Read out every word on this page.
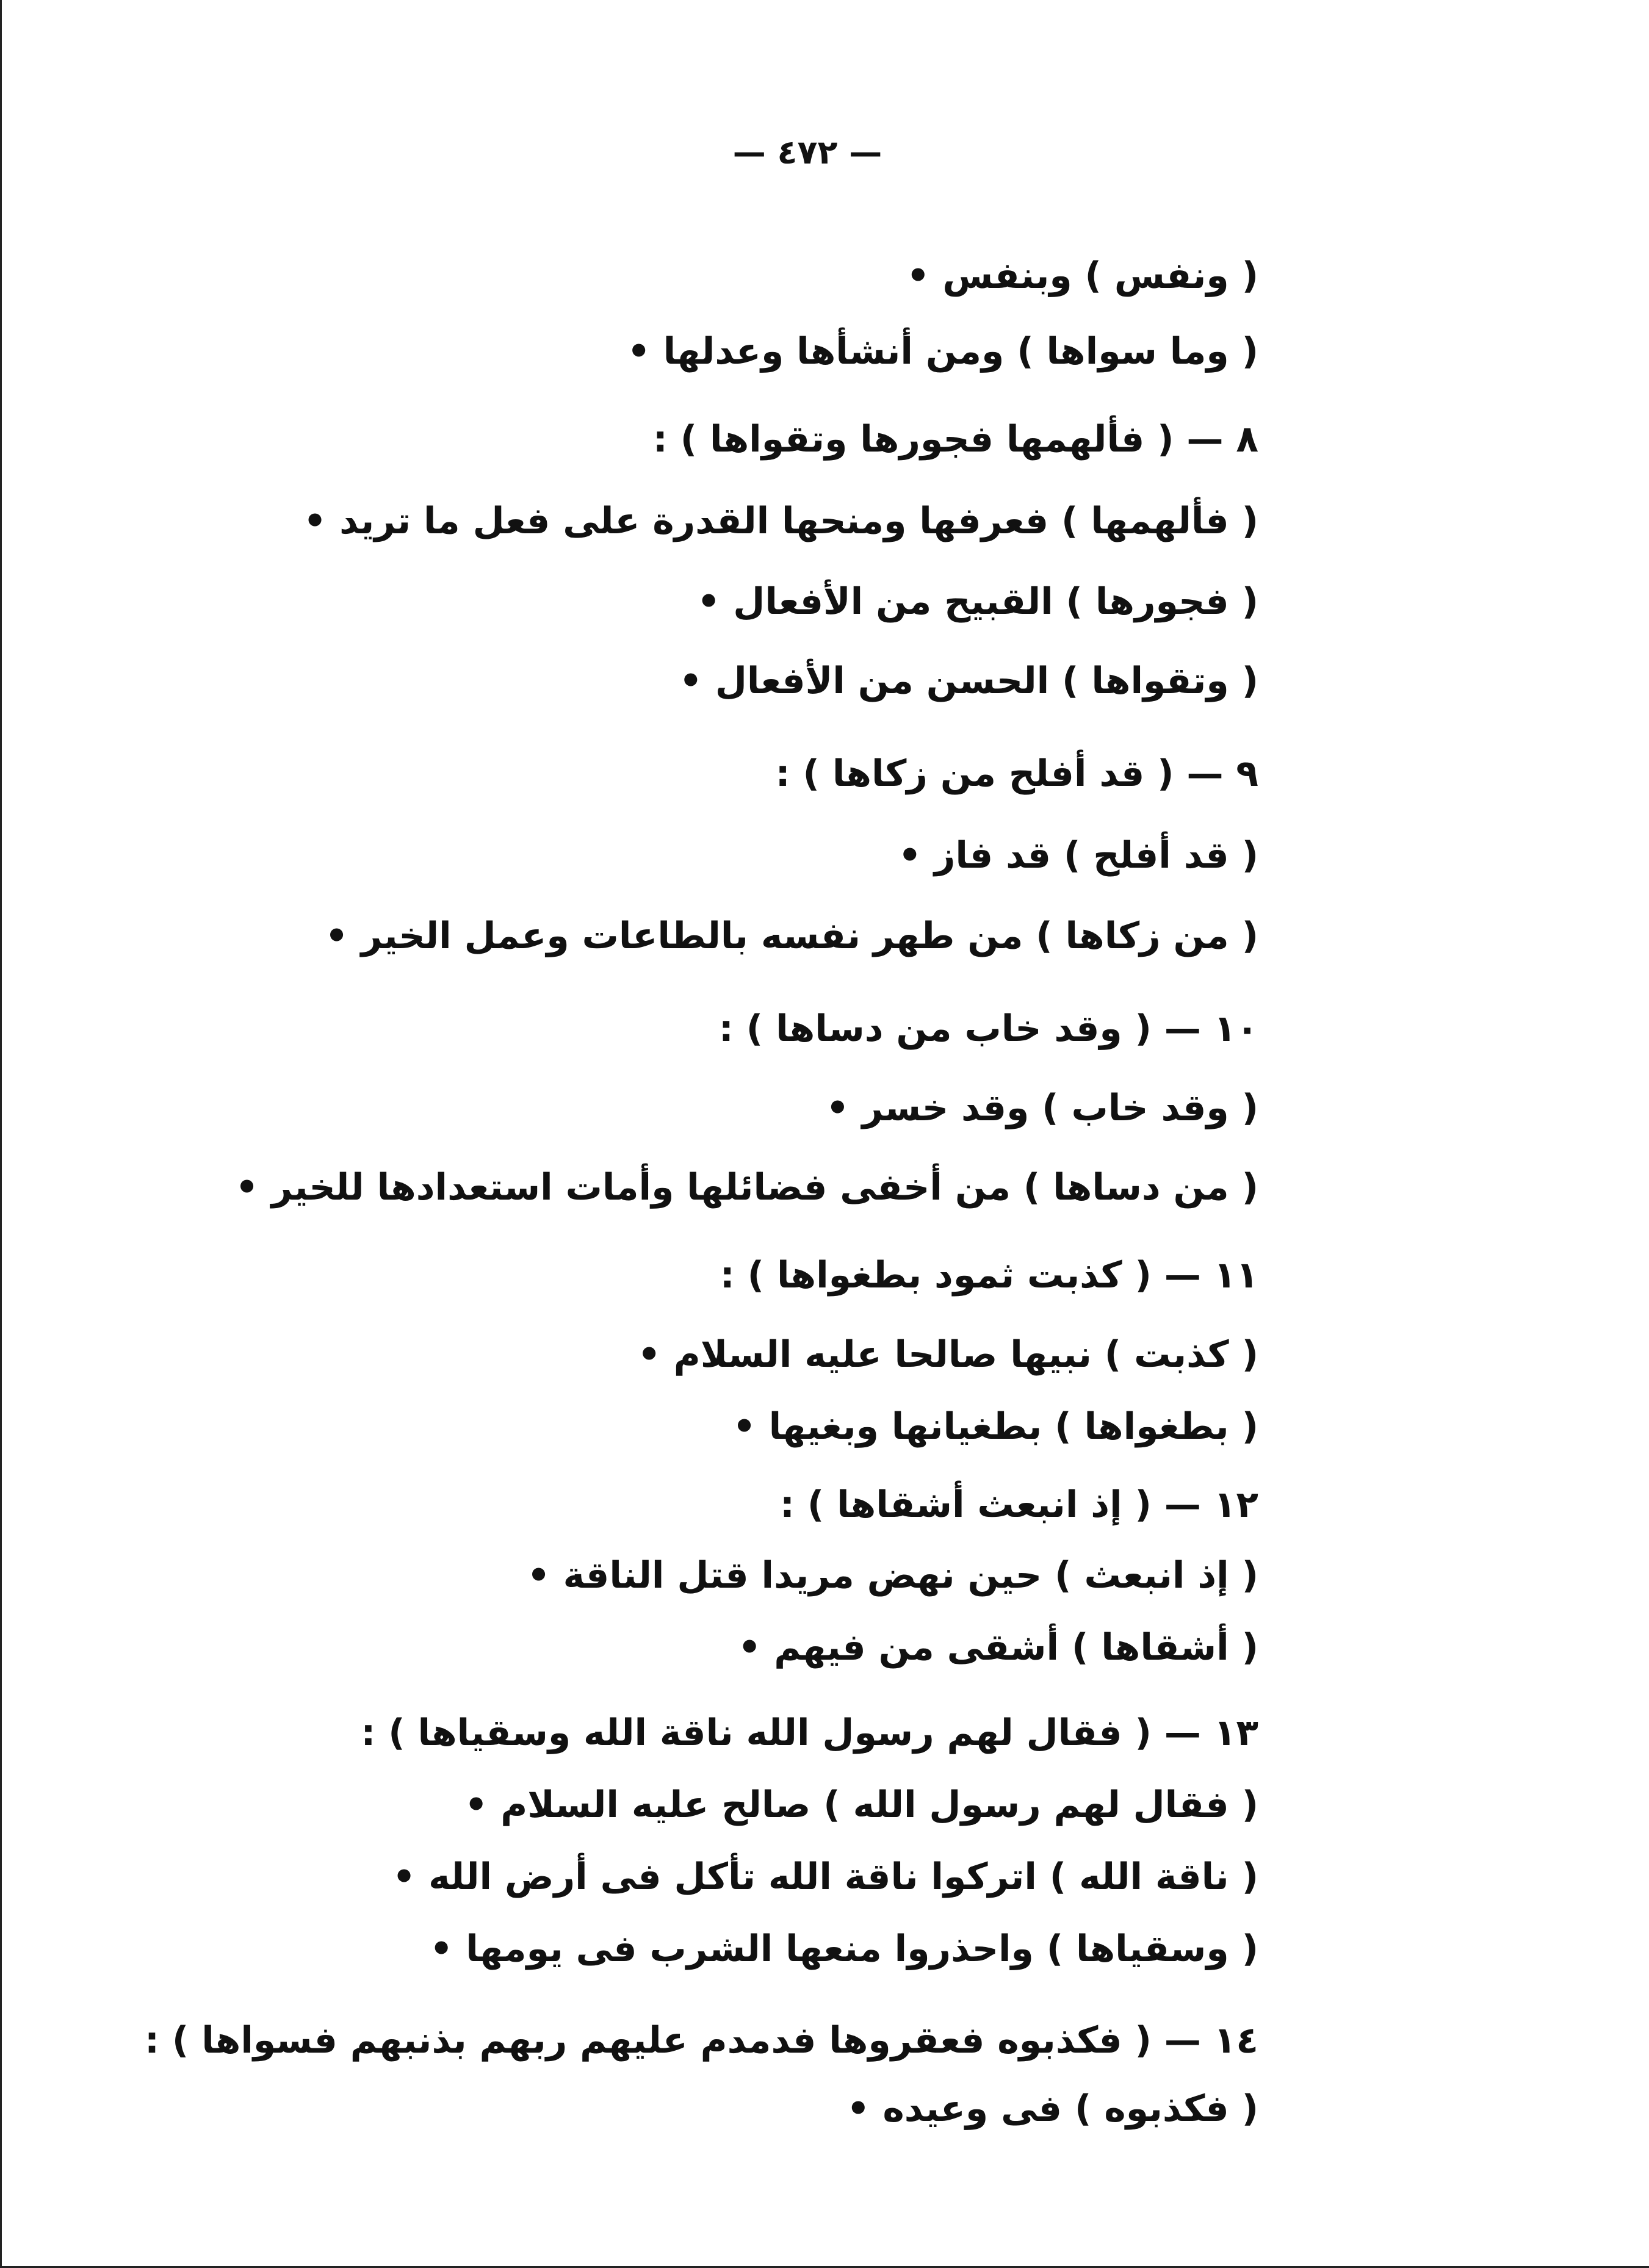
— ٤٧٢ —
( ونفس ) وبنفس •
( وما سواها ) ومن أنشأها وعدلها •
٨ — ( فألهمها فجورها وتقواها ) :
( فألهمها ) فعرفها ومنحها القدرة على فعل ما تريد •
( فجورها ) القبيح من الأفعال •
( وتقواها ) الحسن من الأفعال •
٩ — ( قد أفلح من زكاها ) :
( قد أفلح ) قد فاز •
( من زكاها ) من طهر نفسه بالطاعات وعمل الخير •
١٠ — ( وقد خاب من دساها ) :
( وقد خاب ) وقد خسر •
( من دساها ) من أخفى فضائلها وأمات استعدادها للخير •
١١ — ( كذبت ثمود بطغواها ) :
( كذبت ) نبيها صالحا عليه السلام •
( بطغواها ) بطغيانها وبغيها •
١٢ — ( إذ انبعث أشقاها ) :
( إذ انبعث ) حين نهض مريدا قتل الناقة •
( أشقاها ) أشقى من فيهم •
١٣ — ( فقال لهم رسول الله ناقة الله وسقياها ) :
( فقال لهم رسول الله ) صالح عليه السلام •
( ناقة الله ) اتركوا ناقة الله تأكل فى أرض الله •
( وسقياها ) واحذروا منعها الشرب فى يومها •
١٤ — ( فكذبوه فعقروها فدمدم عليهم ربهم بذنبهم فسواها ) :
( فكذبوه ) فى وعيده •
